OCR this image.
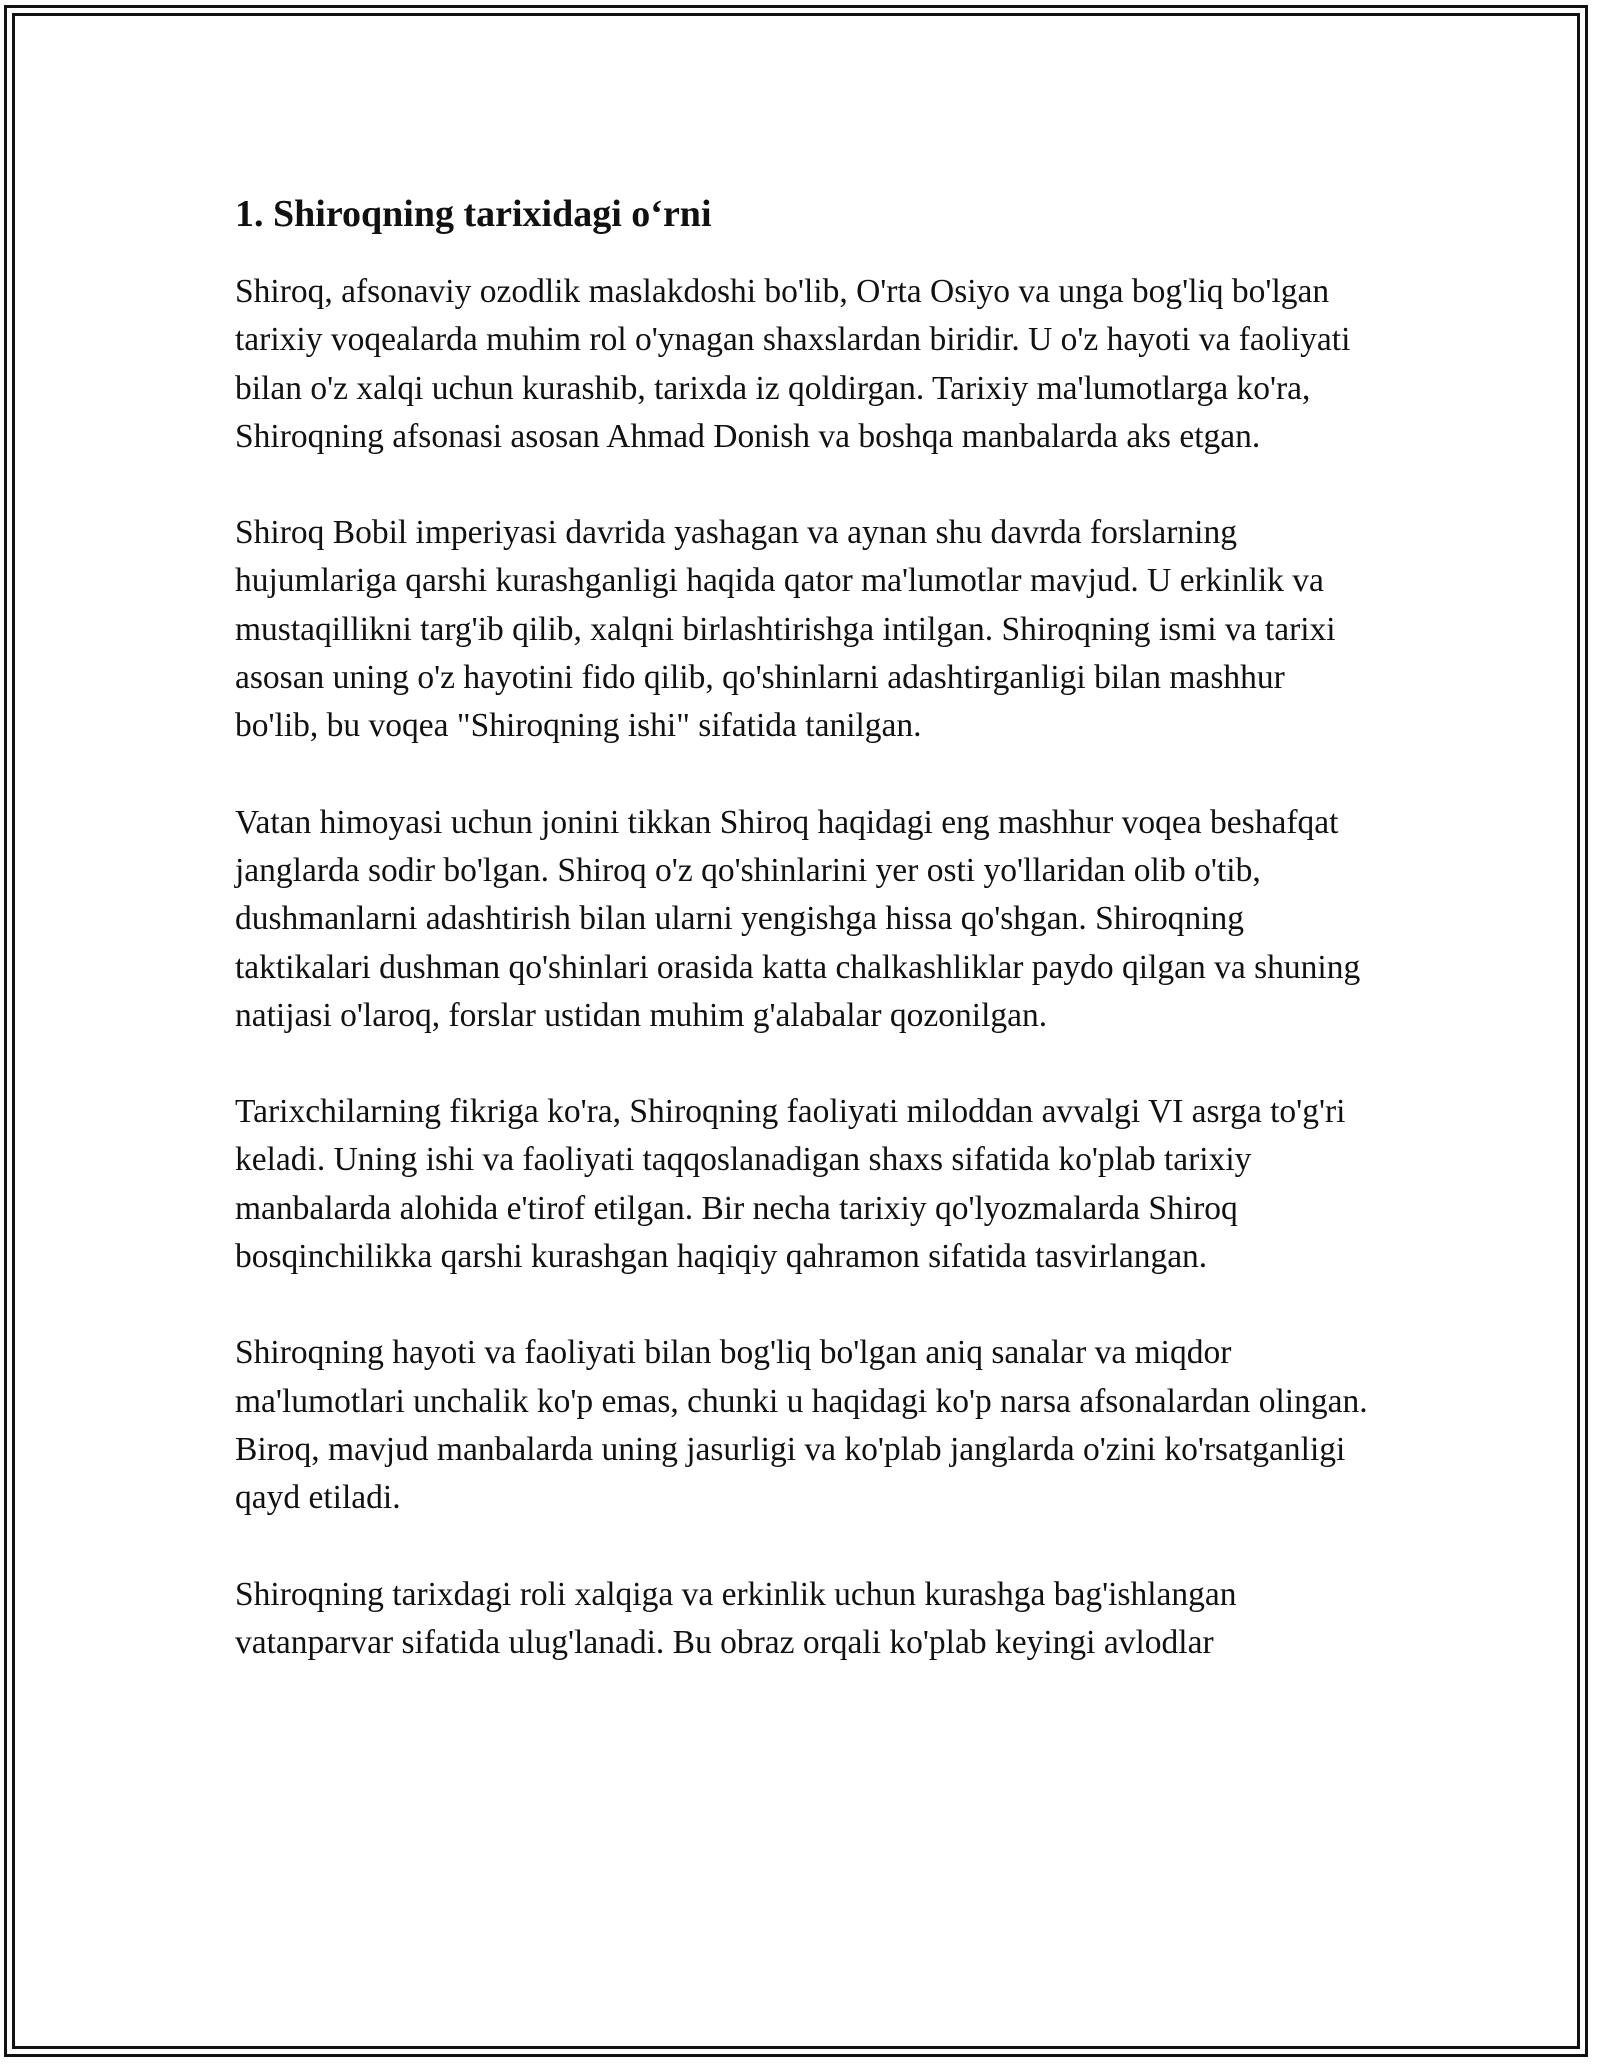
1. Shiroqning tarixidagi o‘rni

Shiroq, afsonaviy ozodlik maslakdoshi bo'lib, O'rta Osiyo va unga bog'liq bo'lgan tarixiy voqealarda muhim rol o'ynagan shaxslardan biridir. U o'z hayoti va faoliyati bilan o'z xalqi uchun kurashib, tarixda iz qoldirgan. Tarixiy ma'lumotlarga ko'ra, Shiroqning afsonasi asosan Ahmad Donish va boshqa manbalarda aks etgan.

Shiroq Bobil imperiyasi davrida yashagan va aynan shu davrda forslarning hujumlariga qarshi kurashganligi haqida qator ma'lumotlar mavjud. U erkinlik va mustaqillikni targ'ib qilib, xalqni birlashtirishga intilgan. Shiroqning ismi va tarixi asosan uning o'z hayotini fido qilib, qo'shinlarni adashtirganligi bilan mashhur bo'lib, bu voqea "Shiroqning ishi" sifatida tanilgan.

Vatan himoyasi uchun jonini tikkan Shiroq haqidagi eng mashhur voqea beshafqat janglarda sodir bo'lgan. Shiroq o'z qo'shinlarini yer osti yo'llaridan olib o'tib, dushmanlarni adashtirish bilan ularni yengishga hissa qo'shgan. Shiroqning taktikalari dushman qo'shinlari orasida katta chalkashliklar paydo qilgan va shuning natijasi o'laroq, forslar ustidan muhim g'alabalar qozonilgan.

Tarixchilarning fikriga ko'ra, Shiroqning faoliyati miloddan avvalgi VI asrga to'g'ri keladi. Uning ishi va faoliyati taqqoslanadigan shaxs sifatida ko'plab tarixiy manbalarda alohida e'tirof etilgan. Bir necha tarixiy qo'lyozmalarda Shiroq bosqinchilikka qarshi kurashgan haqiqiy qahramon sifatida tasvirlangan.

Shiroqning hayoti va faoliyati bilan bog'liq bo'lgan aniq sanalar va miqdor ma'lumotlari unchalik ko'p emas, chunki u haqidagi ko'p narsa afsonalardan olingan. Biroq, mavjud manbalarda uning jasurligi va ko'plab janglarda o'zini ko'rsatganligi qayd etiladi.

Shiroqning tarixdagi roli xalqiga va erkinlik uchun kurashga bag'ishlangan vatanparvar sifatida ulug'lanadi. Bu obraz orqali ko'plab keyingi avlodlar
